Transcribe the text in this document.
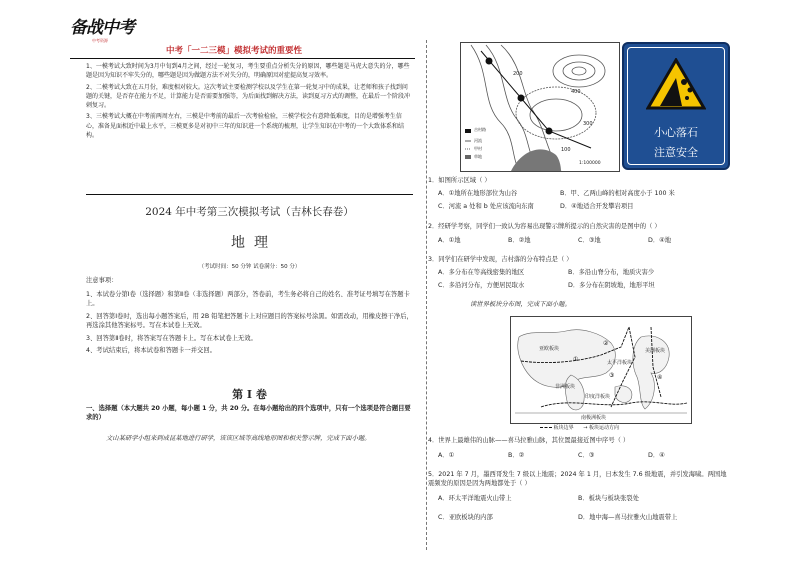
备战中考
中考资源
中考「一二三模」模拟考试的重要性

1、一模考试大致时间为3月中旬到4月之间，经过一轮复习，考生要重点分析失分的原因，哪些题是马虎大意失的分，哪些题是因为知识不牢失分的，哪些题是因为做题方法不对失分的，明确原因对症提高复习效率。

2、二模考试大致在五月份，难度相对较大。这次考试主要检测学校以及学生在第一轮复习中的成果，让老师和孩子找到问题的关键，是否存在能力不足，计算能力是否需要加强等，为后面找到解决方法，读到夏习方式的调整，在最后一个阶段冲刺复习。

3、三模考试大概在中考前两周左右，三模是中考前的最后一次考验检验，三模学校会有意降低难度，目的是增强考生信心，准备见面相近中最上水平，三模更多是对初中三年的知识进一个系统的梳理，让学生知识在中考的一个大致体系和结构。

2024 年中考第三次模拟考试（吉林长春卷）
地  理
（考试时间：50 分钟 试卷满分：50 分）
注意事项：

1、本试卷分第Ⅰ卷（选择题）和第Ⅱ卷（非选择题）两部分，答卷前，考生务必将自己的姓名、准考证号填写在答题卡上。

2、回答第Ⅰ卷时，选出每小题答案后，用 2B 铅笔把答题卡上对应题目的答案标号涂黑。如需改动，用橡皮擦干净后，再选涂其他答案标号。写在本试卷上无效。

3、回答第Ⅱ卷时，将答案写在答题卡上。写在本试卷上无效。

4、考试结束后，将本试卷和答题卡一并交回。

第 Ⅰ 卷
一、选择题（本大题共 20 小题，每小题 1 分，共 20 分。在每小题给出的四个选项中，只有一个选项是符合题目要求的）
文山某研学小组来到成昆某地进行研学，该该区域等高线地形图和相关警示牌，完成下面小题。
200
400
300
100
吉村路
河流
甲村
草地
1:100000
小心落石
注意安全
1．如图所示区域（ ）
A．①地所在地形部位为山谷	B．甲、乙两山峰的相对高度小于 100 米
C．河流 a 处和 b 处应该流向东南	D．④地适合开发攀岩项目
2．经研学考察，同学们一致认为容易出现警示牌所提示的自然灾害的是图中的（ ）
A．①地	B．②地	C．③地	D．④地
3．同学们在研学中发现，吉村落的分布特点是（ ）
A．多分布在等高线密集的地区	B．多沿山脊分布，地质灾害少
C．多沿河分布，方便居民取水	D．多分布在阴坡地，地形平坦
读世界板块分布图，完成下面小题。
①
②
③	④
亚欧板块
太平洋板块
美洲板块
非洲板块
印度洋板块
南极洲板块
板块边界 → 板块运动方向
4．世界上最雄伟的山脉——喜马拉雅山脉，其位置最接近图中序号（ ）
A．①	B．②	C．③	D．④
5．2021 年 7 月，墨西哥发生 7 级以上地震；2024 年 1 月，日本发生 7.6 级地震，并引发海啸。两国地震频发的原因是因为两地都处于（ ）
A．环太平洋地震火山带上	B．板块与板块张裂处
C．亚欧板块的内部	D．地中海—喜马拉雅火山地震带上
